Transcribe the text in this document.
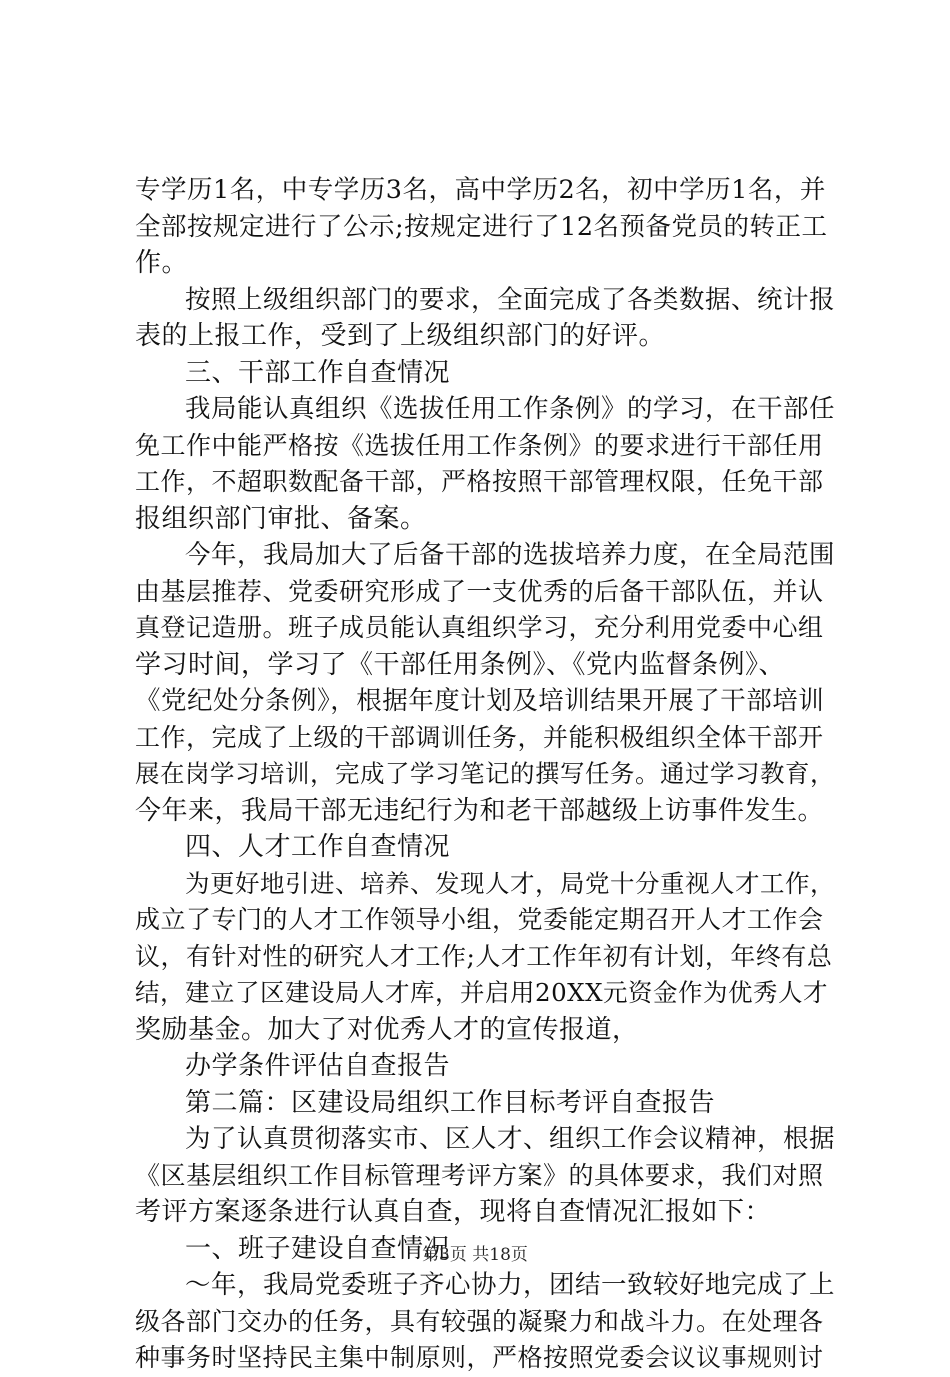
专学历1名，中专学历3名，高中学历2名，初中学历1名，并
全部按规定进行了公示;按规定进行了12名预备党员的转正工
作。
按照上级组织部门的要求，全面完成了各类数据、统计报
表的上报工作，受到了上级组织部门的好评。
三、干部工作自查情况
我局能认真组织《选拔任用工作条例》的学习，在干部任
免工作中能严格按《选拔任用工作条例》的要求进行干部任用
工作，不超职数配备干部，严格按照干部管理权限，任免干部
报组织部门审批、备案。
今年，我局加大了后备干部的选拔培养力度，在全局范围
由基层推荐、党委研究形成了一支优秀的后备干部队伍，并认
真登记造册。班子成员能认真组织学习，充分利用党委中心组
学习时间，学习了《干部任用条例》、《党内监督条例》、
《党纪处分条例》，根据年度计划及培训结果开展了干部培训
工作，完成了上级的干部调训任务，并能积极组织全体干部开
展在岗学习培训，完成了学习笔记的撰写任务。通过学习教育，
今年来，我局干部无违纪行为和老干部越级上访事件发生。
四、人才工作自查情况
为更好地引进、培养、发现人才，局党十分重视人才工作，
成立了专门的人才工作领导小组，党委能定期召开人才工作会
议，有针对性的研究人才工作;人才工作年初有计划，年终有总
结，建立了区建设局人才库，并启用20XX元资金作为优秀人才
奖励基金。加大了对优秀人才的宣传报道，
办学条件评估自查报告
第二篇：区建设局组织工作目标考评自查报告
为了认真贯彻落实市、区人才、组织工作会议精神，根据
《区基层组织工作目标管理考评方案》的具体要求，我们对照
考评方案逐条进行认真自查，现将自查情况汇报如下：
一、班子建设自查情况
～年，我局党委班子齐心协力，团结一致较好地完成了上
级各部门交办的任务，具有较强的凝聚力和战斗力。在处理各
种事务时坚持民主集中制原则，严格按照党委会议议事规则讨
第3页 共18页
